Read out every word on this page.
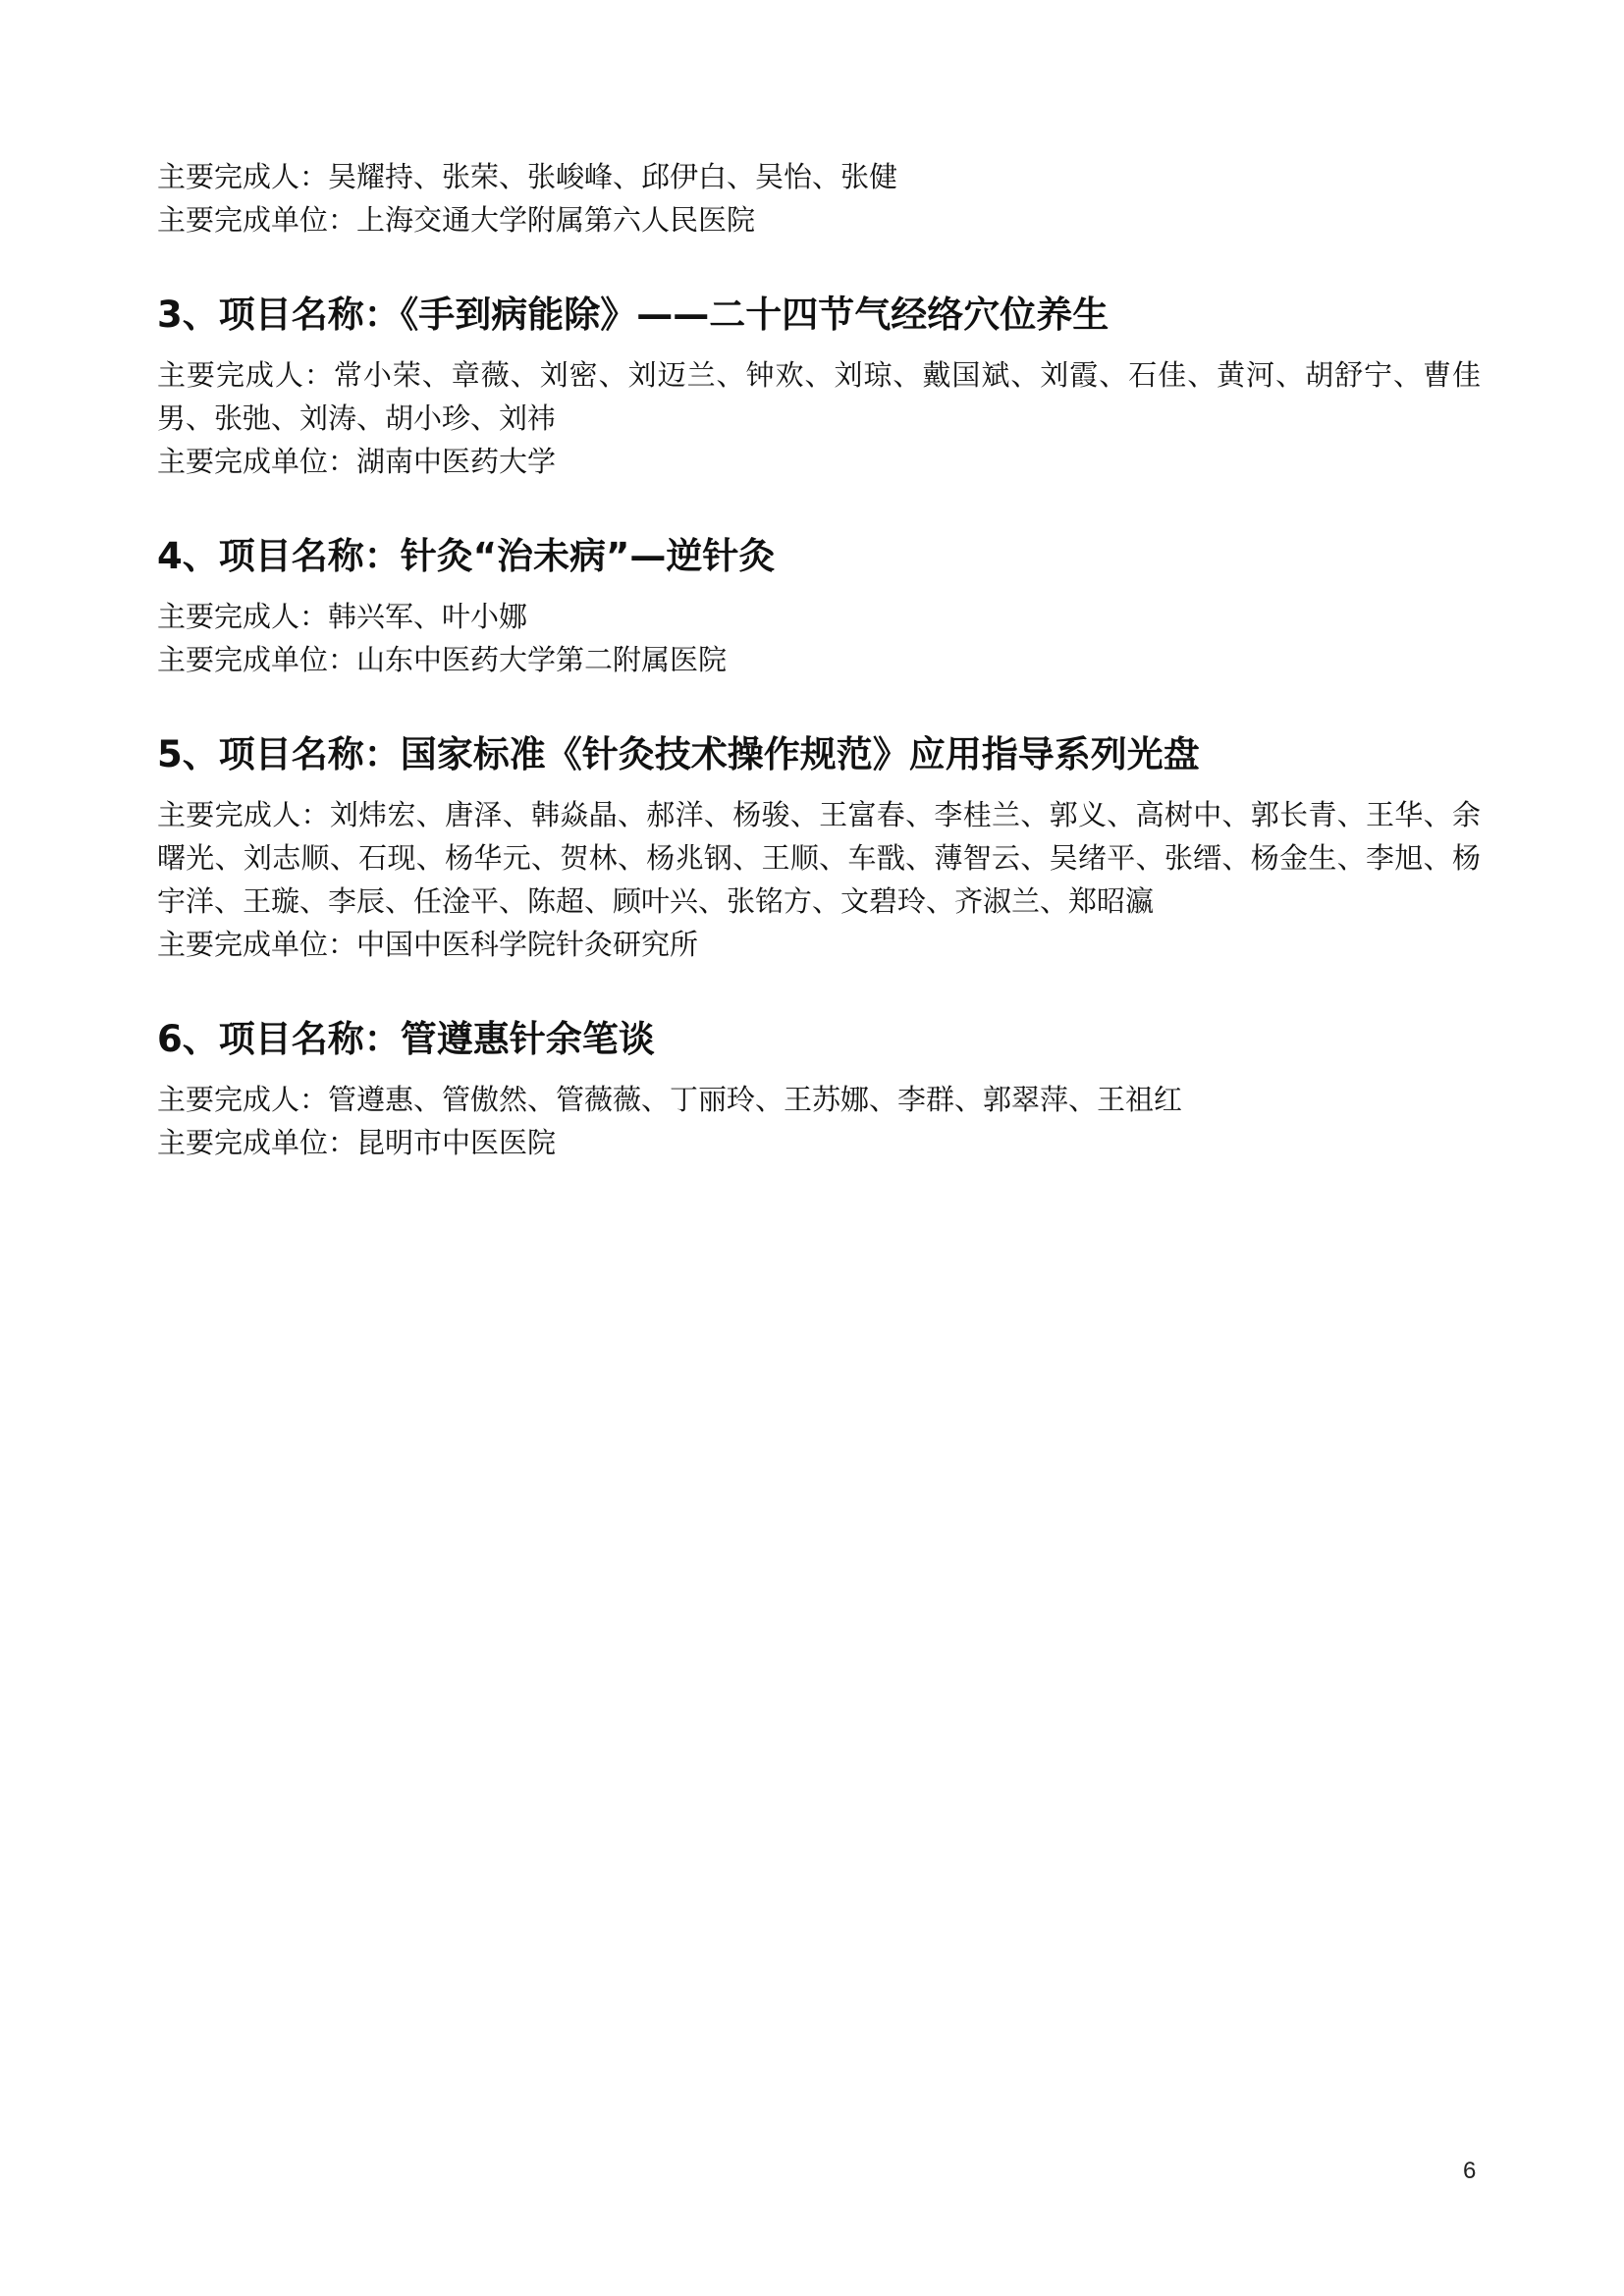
主要完成人：吴耀持、张荣、张峻峰、邱伊白、吴怡、张健

主要完成单位：上海交通大学附属第六人民医院

3、项目名称：《手到病能除》——二十四节气经络穴位养生

主要完成人：常小荣、章薇、刘密、刘迈兰、钟欢、刘琼、戴国斌、刘霞、石佳、黄河、胡舒宁、曹佳男、张弛、刘涛、胡小珍、刘祎

主要完成单位：湖南中医药大学

4、项目名称：针灸“治未病”—逆针灸

主要完成人：韩兴军、叶小娜

主要完成单位：山东中医药大学第二附属医院

5、项目名称：国家标准《针灸技术操作规范》应用指导系列光盘

主要完成人：刘炜宏、唐泽、韩焱晶、郝洋、杨骏、王富春、李桂兰、郭义、高树中、郭长青、王华、余曙光、刘志顺、石现、杨华元、贺林、杨兆钢、王顺、车戬、薄智云、吴绪平、张缙、杨金生、李旭、杨宇洋、王璇、李辰、任淦平、陈超、顾叶兴、张铭方、文碧玲、齐淑兰、郑昭瀛

主要完成单位：中国中医科学院针灸研究所

6、项目名称：管遵惠针余笔谈

主要完成人：管遵惠、管傲然、管薇薇、丁丽玲、王苏娜、李群、郭翠萍、王祖红

主要完成单位：昆明市中医医院

6
